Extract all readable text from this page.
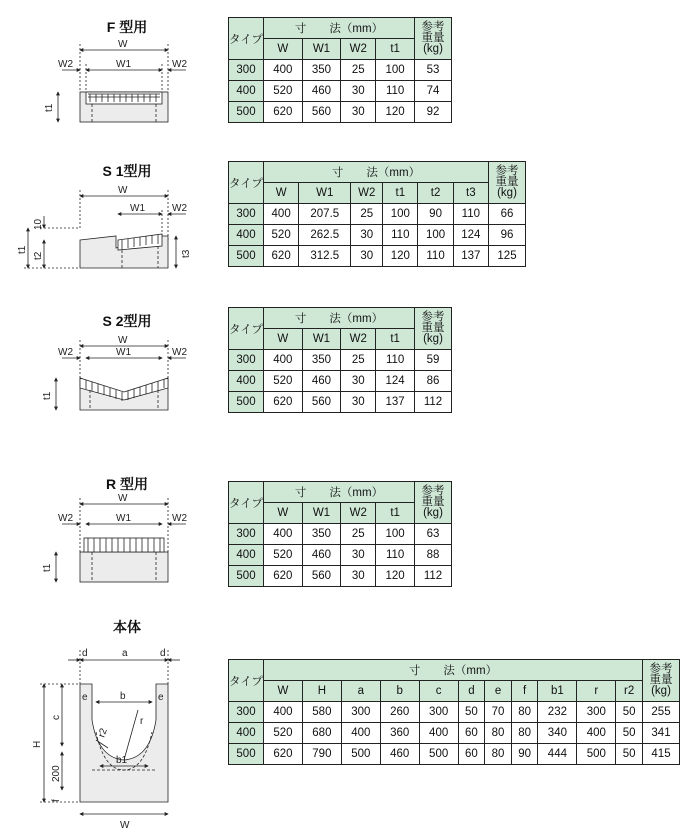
F 型用
S 1型用
S 2型用
R 型用
本体
W
W1
W2	W2
t1
W
W1	W2
10
t2
t1	t3
W
W1
W2	W2
t1
W
W1
W2	W2
t1
a
d	d
e	e
b
r
r2
b1
H
c
200
f
W
タイプ	寸　　法（mm）				参考
重量
(kg)
	W	W1	W2	t1	
300	400	350	25	100	53
400	520	460	30	110	74
500	620	560	30	120	92
タイプ	寸　　法（mm）						参考
重量
(kg)
	W	W1	W2	t1	t2	t3	
300	400	207.5	25	100	90	110	66
400	520	262.5	30	110	100	124	96
500	620	312.5	30	120	110	137	125
タイプ	寸　　法（mm）				参考
重量
(kg)
	W	W1	W2	t1	
300	400	350	25	110	59
400	520	460	30	124	86
500	620	560	30	137	112
タイプ	寸　　法（mm）				参考
重量
(kg)
	W	W1	W2	t1	
300	400	350	25	100	63
400	520	460	30	110	88
500	620	560	30	120	112
タイプ	寸　　法（mm）											参考
重量
(kg)
	W	H	a	b	c	d	e	f	b1	r	r2	
300	400	580	300	260	300	50	70	80	232	300	50	255
400	520	680	400	360	400	60	80	80	340	400	50	341
500	620	790	500	460	500	60	80	90	444	500	50	415
